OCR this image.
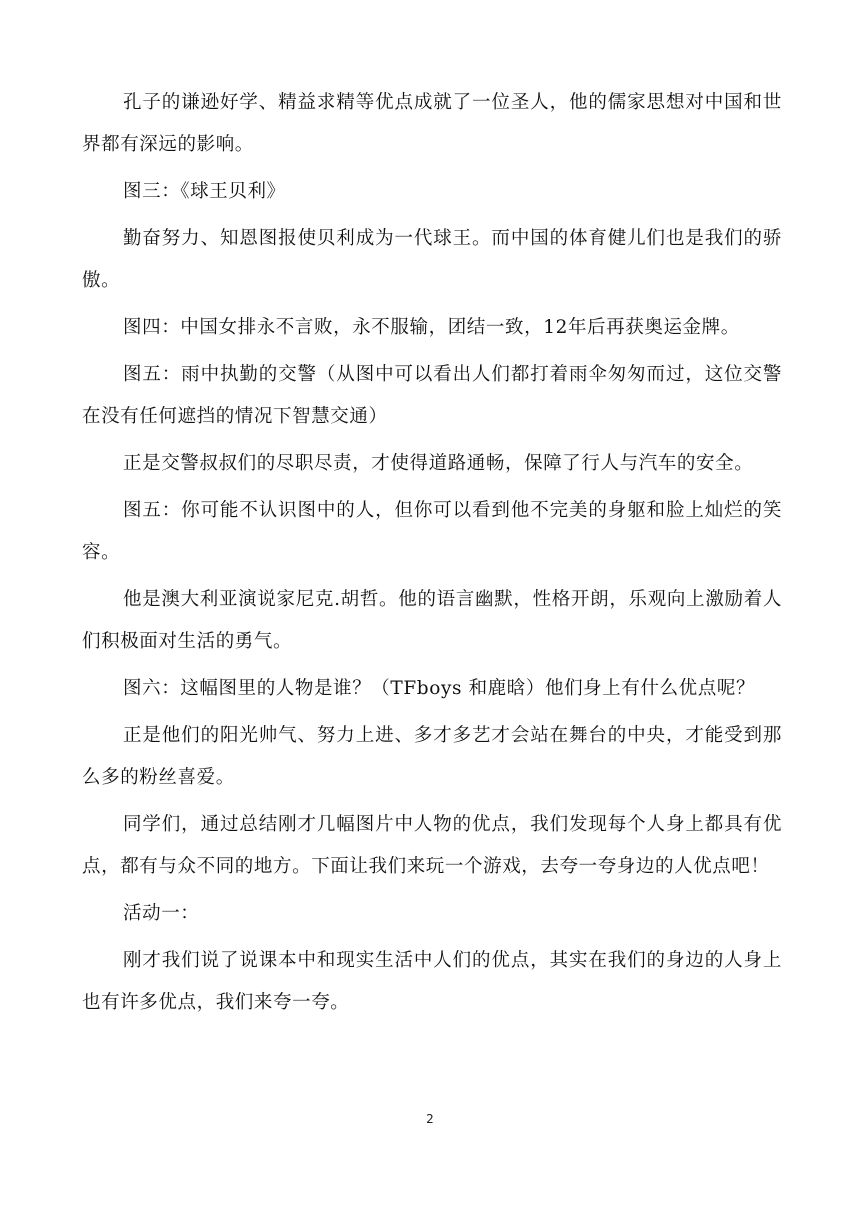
孔子的谦逊好学、精益求精等优点成就了一位圣人，他的儒家思想对中国和世界都有深远的影响。

图三：《球王贝利》

勤奋努力、知恩图报使贝利成为一代球王。而中国的体育健儿们也是我们的骄傲。

图四：中国女排永不言败，永不服输，团结一致，12年后再获奥运金牌。

图五：雨中执勤的交警（从图中可以看出人们都打着雨伞匆匆而过，这位交警在没有任何遮挡的情况下智慧交通）

正是交警叔叔们的尽职尽责，才使得道路通畅，保障了行人与汽车的安全。

图五：你可能不认识图中的人，但你可以看到他不完美的身躯和脸上灿烂的笑容。

他是澳大利亚演说家尼克.胡哲。他的语言幽默，性格开朗，乐观向上激励着人们积极面对生活的勇气。

图六：这幅图里的人物是谁？（TFboys 和鹿晗）他们身上有什么优点呢？

正是他们的阳光帅气、努力上进、多才多艺才会站在舞台的中央，才能受到那么多的粉丝喜爱。

同学们，通过总结刚才几幅图片中人物的优点，我们发现每个人身上都具有优点，都有与众不同的地方。下面让我们来玩一个游戏，去夸一夸身边的人优点吧！

活动一：

刚才我们说了说课本中和现实生活中人们的优点，其实在我们的身边的人身上也有许多优点，我们来夸一夸。

2
